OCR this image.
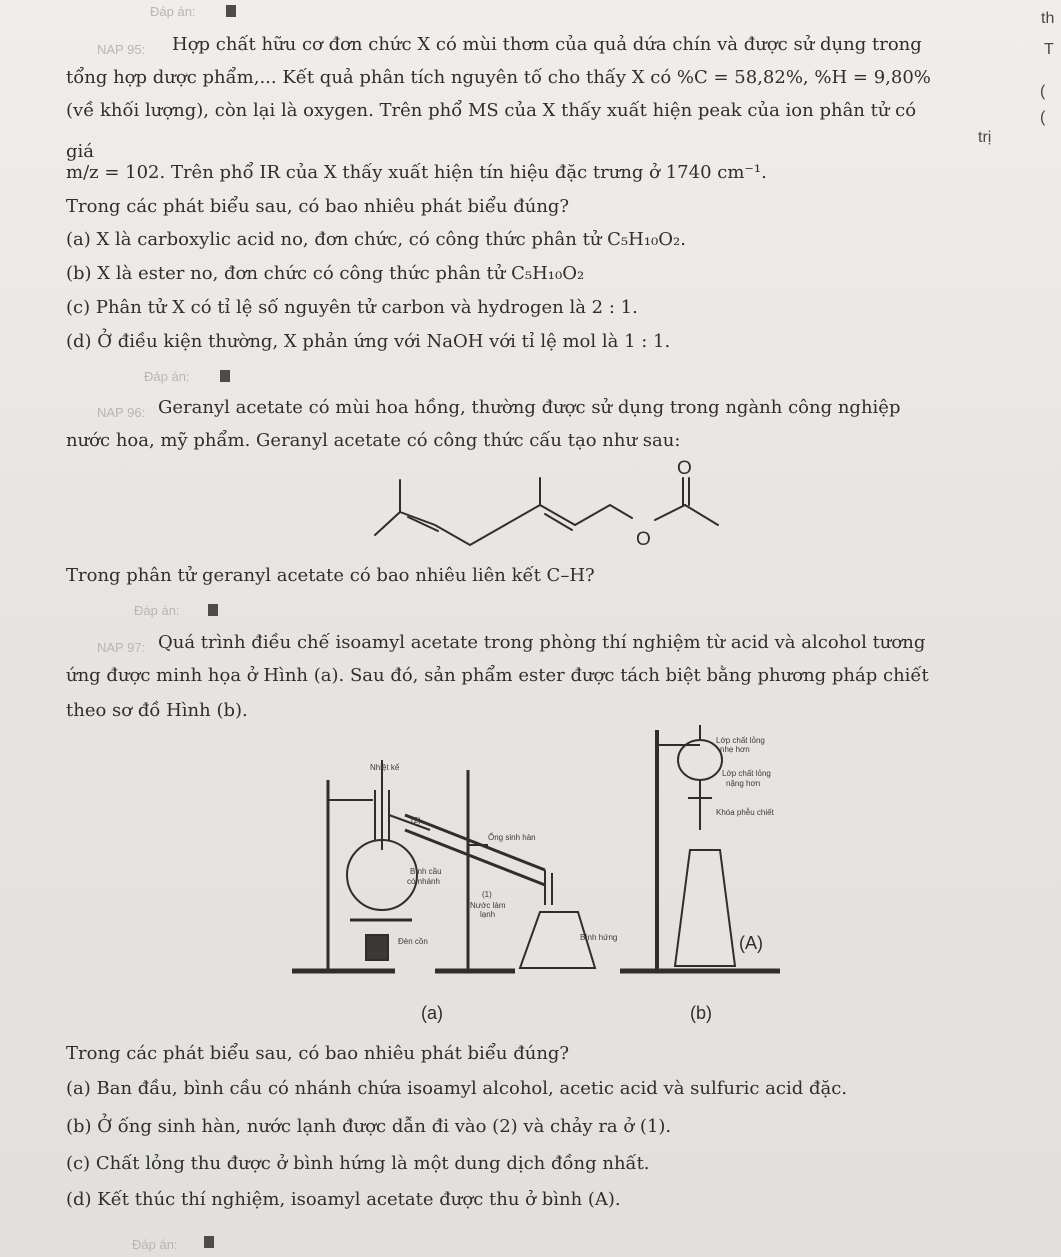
Đáp án:	th
T
(
(
trị
NAP 95: Hợp chất hữu cơ đơn chức X có mùi thơm của quả dứa chín và được sử dụng trong
tổng hợp dược phẩm,... Kết quả phân tích nguyên tố cho thấy X có %C = 58,82%, %H = 9,80%
(về khối lượng), còn lại là oxygen. Trên phổ MS của X thấy xuất hiện peak của ion phân tử có
giá
m/z = 102. Trên phổ IR của X thấy xuất hiện tín hiệu đặc trưng ở 1740 cm⁻¹.
Trong các phát biểu sau, có bao nhiêu phát biểu đúng?
(a) X là carboxylic acid no, đơn chức, có công thức phân tử C₅H₁₀O₂.
(b) X là ester no, đơn chức có công thức phân tử C₅H₁₀O₂
(c) Phân tử X có tỉ lệ số nguyên tử carbon và hydrogen là 2 : 1.
(d) Ở điều kiện thường, X phản ứng với NaOH với tỉ lệ mol là 1 : 1.
Đáp án:
NAP 96: Geranyl acetate có mùi hoa hồng, thường được sử dụng trong ngành công nghiệp
nước hoa, mỹ phẩm. Geranyl acetate có công thức cấu tạo như sau:
O
O
Trong phân tử geranyl acetate có bao nhiêu liên kết C–H?
Đáp án:
NAP 97: Quá trình điều chế isoamyl acetate trong phòng thí nghiệm từ acid và alcohol tương
ứng được minh họa ở Hình (a). Sau đó, sản phẩm ester được tách biệt bằng phương pháp chiết
theo sơ đồ Hình (b).
Nhiệt kế
(2)
Ống sinh hàn
Bình cầu
có nhánh
(1)
Nước làm
lạnh
Đèn cồn	Bình hứng
Lớp chất lỏng
nhẹ hơn
Lớp chất lỏng
nặng hơn
Khóa phễu chiết
(A)
(a)	(b)
Trong các phát biểu sau, có bao nhiêu phát biểu đúng?
(a) Ban đầu, bình cầu có nhánh chứa isoamyl alcohol, acetic acid và sulfuric acid đặc.
(b) Ở ống sinh hàn, nước lạnh được dẫn đi vào (2) và chảy ra ở (1).
(c) Chất lỏng thu được ở bình hứng là một dung dịch đồng nhất.
(d) Kết thúc thí nghiệm, isoamyl acetate được thu ở bình (A).
Đáp án:
